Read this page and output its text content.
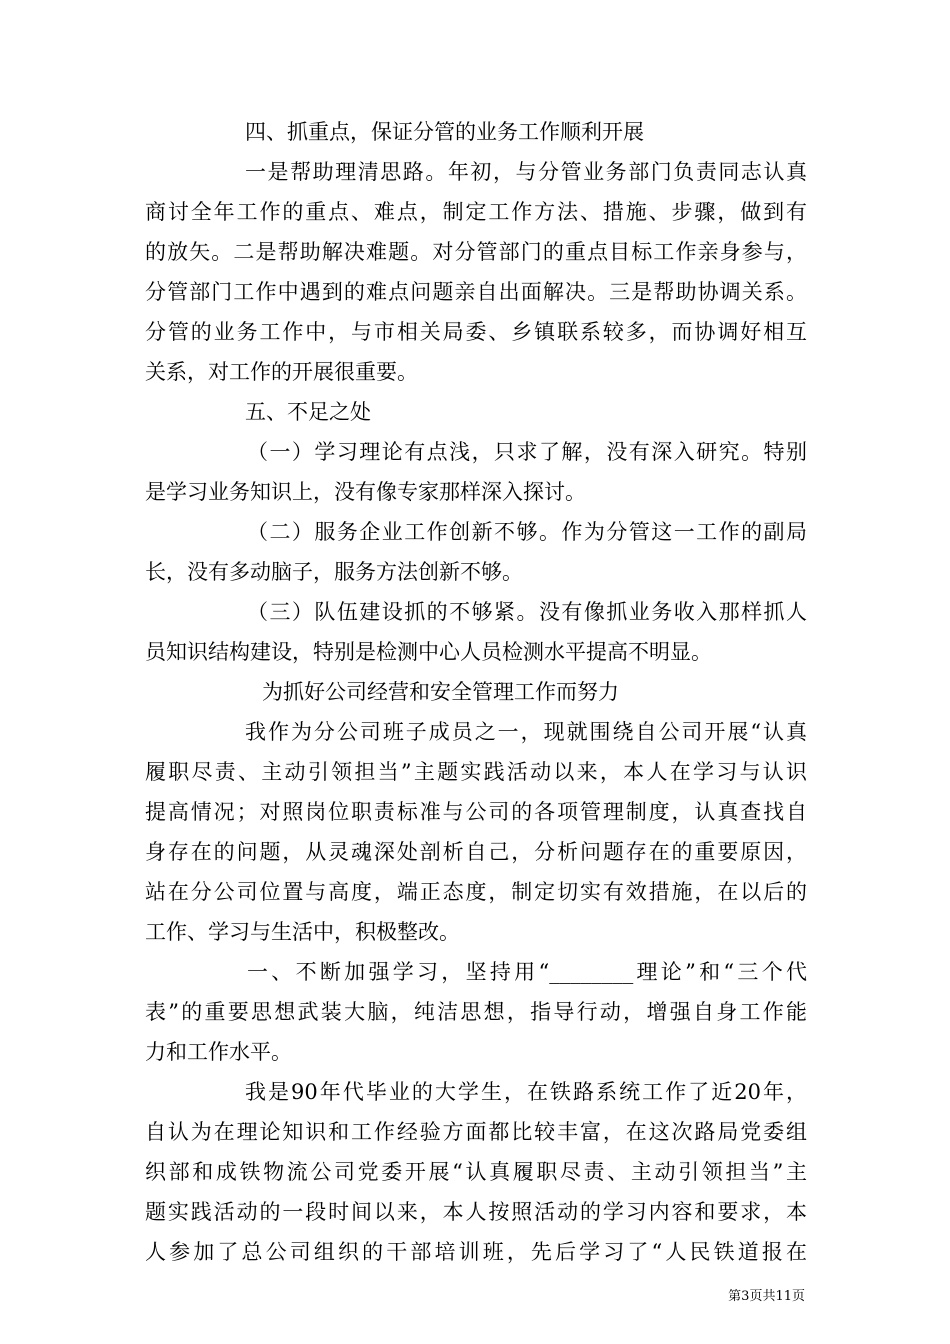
四、抓重点，保证分管的业务工作顺利开展
一是帮助理清思路。年初，与分管业务部门负责同志认真
商讨全年工作的重点、难点，制定工作方法、措施、步骤，做到有
的放矢。二是帮助解决难题。对分管部门的重点目标工作亲身参与，
分管部门工作中遇到的难点问题亲自出面解决。三是帮助协调关系。
分管的业务工作中，与市相关局委、乡镇联系较多，而协调好相互
关系，对工作的开展很重要。
五、不足之处
（一）学习理论有点浅，只求了解，没有深入研究。特别
是学习业务知识上，没有像专家那样深入探讨。
（二）服务企业工作创新不够。作为分管这一工作的副局
长，没有多动脑子，服务方法创新不够。
（三）队伍建设抓的不够紧。没有像抓业务收入那样抓人
员知识结构建设，特别是检测中心人员检测水平提高不明显。
为抓好公司经营和安全管理工作而努力
我作为分公司班子成员之一，现就围绕自公司开展“认真
履职尽责、主动引领担当”主题实践活动以来，本人在学习与认识
提高情况；对照岗位职责标准与公司的各项管理制度，认真查找自
身存在的问题，从灵魂深处剖析自己，分析问题存在的重要原因，
站在分公司位置与高度，端正态度，制定切实有效措施，在以后的
工作、学习与生活中，积极整改。
一、不断加强学习，坚持用“________理论”和“三个代
表”的重要思想武装大脑，纯洁思想，指导行动，增强自身工作能
力和工作水平。
我是90年代毕业的大学生，在铁路系统工作了近20年，
自认为在理论知识和工作经验方面都比较丰富，在这次路局党委组
织部和成铁物流公司党委开展“认真履职尽责、主动引领担当”主
题实践活动的一段时间以来，本人按照活动的学习内容和要求，本
人参加了总公司组织的干部培训班，先后学习了“人民铁道报在
第3页共11页
